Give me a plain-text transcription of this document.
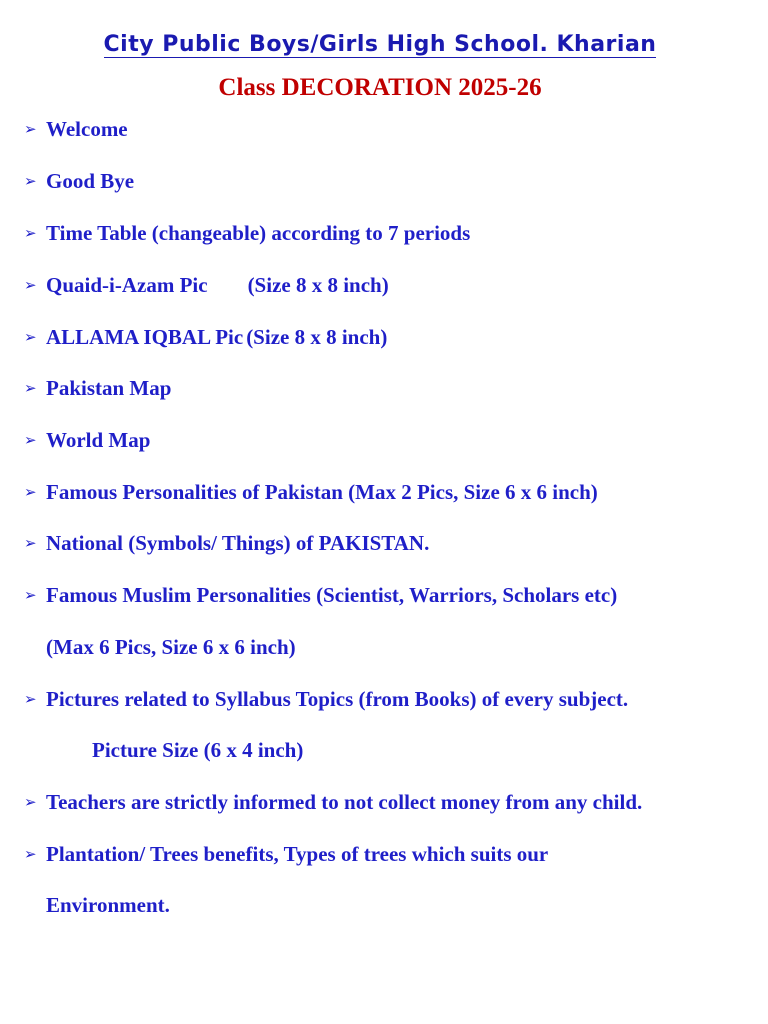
City Public Boys/Girls High School. Kharian
Class DECORATION 2025-26
➢ Welcome
➢ Good Bye
➢ Time Table (changeable) according to 7 periods
➢ Quaid-i-Azam Pic (Size 8 x 8 inch)
➢ ALLAMA IQBAL Pic (Size 8 x 8 inch)
➢ Pakistan Map
➢ World Map
➢ Famous Personalities of Pakistan (Max 2 Pics, Size 6 x 6 inch)
➢ National (Symbols/ Things) of PAKISTAN.
➢ Famous Muslim Personalities (Scientist, Warriors, Scholars etc)
(Max 6 Pics, Size 6 x 6 inch)
➢ Pictures related to Syllabus Topics (from Books) of every subject.
Picture Size (6 x 4 inch)
➢ Teachers are strictly informed to not collect money from any child.
➢ Plantation/ Trees benefits, Types of trees which suits our
Environment.
